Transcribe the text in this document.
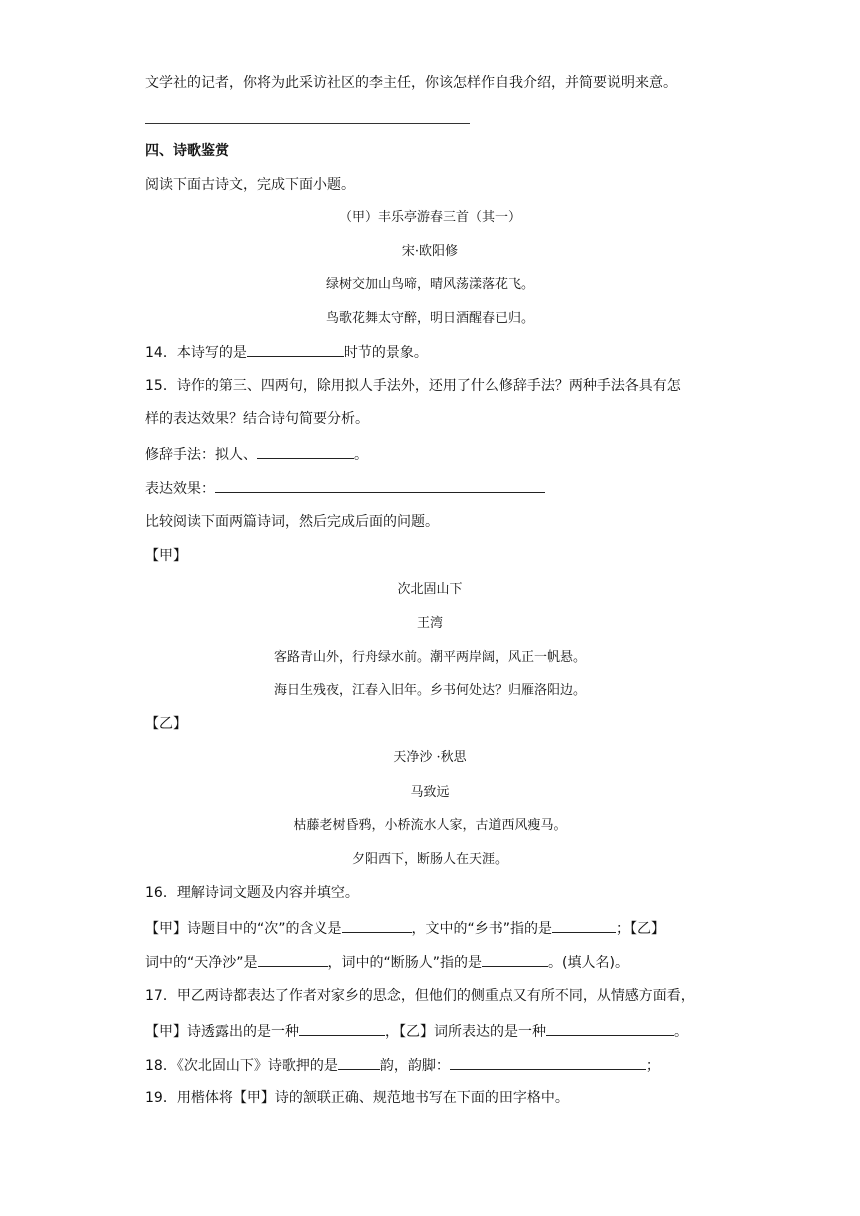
文学社的记者，你将为此采访社区的李主任，你该怎样作自我介绍，并简要说明来意。
四、诗歌鉴赏
阅读下面古诗文，完成下面小题。
（甲）丰乐亭游春三首（其一）
宋·欧阳修
绿树交加山鸟啼，晴风荡漾落花飞。
鸟歌花舞太守醉，明日酒醒春已归。
14．本诗写的是	时节的景象。
15．诗作的第三、四两句，除用拟人手法外，还用了什么修辞手法？两种手法各具有怎
样的表达效果？结合诗句简要分析。
修辞手法：拟人、	。
表达效果：
比较阅读下面两篇诗词，然后完成后面的问题。
【甲】
次北固山下
王湾
客路青山外，行舟绿水前。潮平两岸阔，风正一帆悬。
海日生残夜，江春入旧年。乡书何处达？归雁洛阳边。
【乙】
天净沙 ·秋思
马致远
枯藤老树昏鸦，小桥流水人家，古道西风瘦马。
夕阳西下，断肠人在天涯。
16．理解诗词文题及内容并填空。
【甲】诗题目中的“次”的含义是	，文中的“乡书”指的是	；【乙】
词中的“天净沙”是	，词中的“断肠人”指的是	。(填人名)。
17．甲乙两诗都表达了作者对家乡的思念，但他们的侧重点又有所不同，从情感方面看，
【甲】诗透露出的是一种	，【乙】词所表达的是一种	。
18．《次北固山下》诗歌押的是	韵，韵脚：	；
19．用楷体将【甲】诗的颔联正确、规范地书写在下面的田字格中。
